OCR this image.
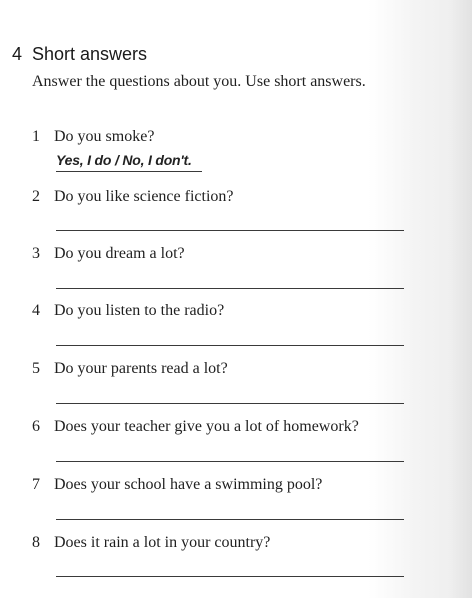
4 Short answers
Answer the questions about you. Use short answers.
1 Do you smoke?
Yes, I do / No, I don't.
2 Do you like science fiction?
3 Do you dream a lot?
4 Do you listen to the radio?
5 Do your parents read a lot?
6 Does your teacher give you a lot of homework?
7 Does your school have a swimming pool?
8 Does it rain a lot in your country?
